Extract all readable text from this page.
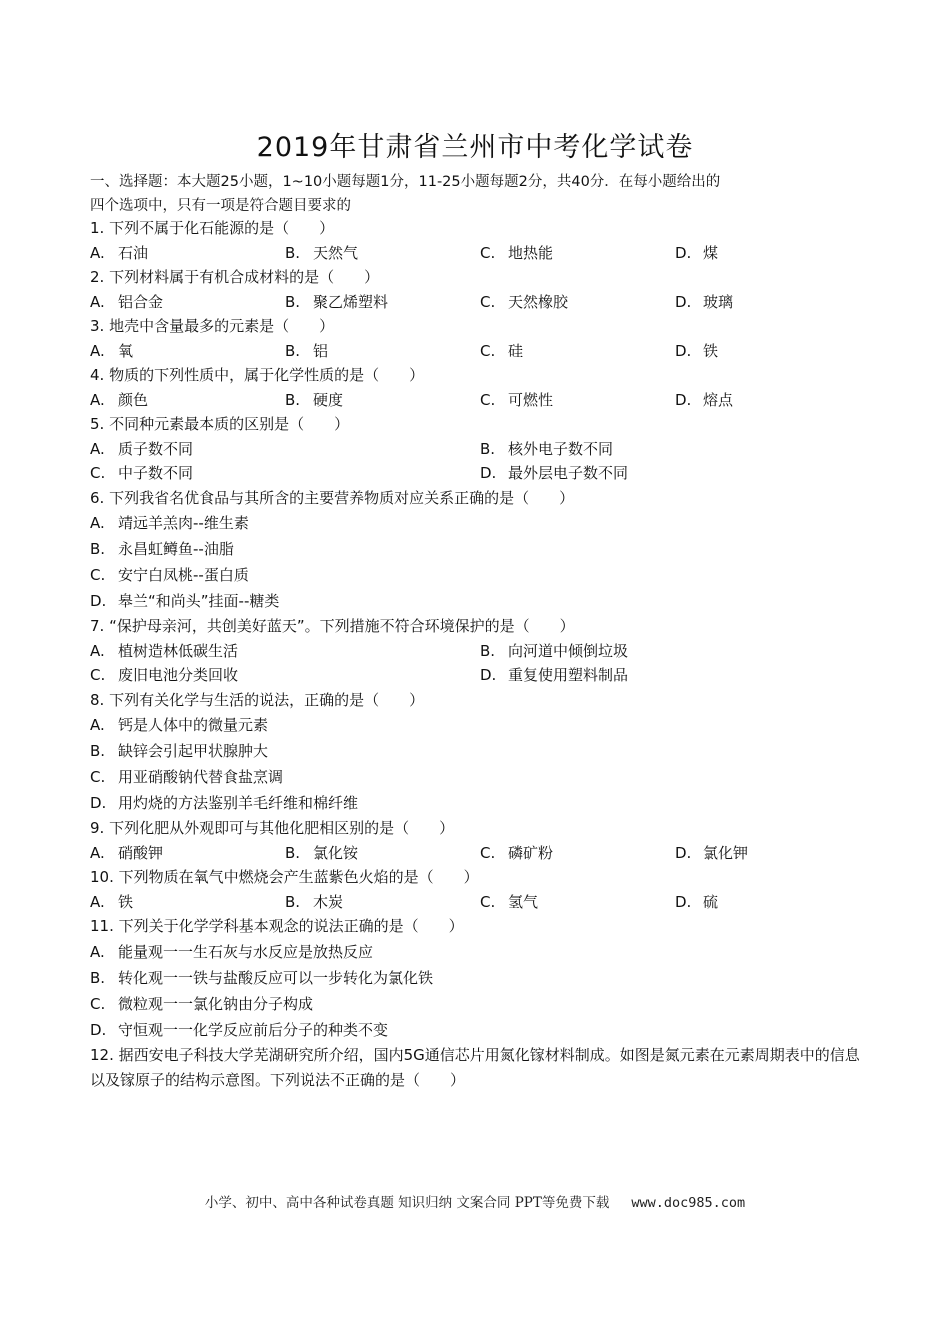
2019年甘肃省兰州市中考化学试卷
一、选择题：本大题25小题，1~10小题每题1分，11-25小题每题2分，共40分．在每小题给出的
四个选项中，只有一项是符合题目要求的
1. 下列不属于化石能源的是（　　）
A. 石油	B. 天然气	C. 地热能	D. 煤
2. 下列材料属于有机合成材料的是（　　）
A. 铝合金	B. 聚乙烯塑料	C. 天然橡胶	D. 玻璃
3. 地壳中含量最多的元素是（　　）
A. 氧	B. 铝	C. 硅	D. 铁
4. 物质的下列性质中，属于化学性质的是（　　）
A. 颜色	B. 硬度	C. 可燃性	D. 熔点
5. 不同种元素最本质的区别是（　　）
A. 质子数不同	B. 核外电子数不同
C. 中子数不同	D. 最外层电子数不同
6. 下列我省名优食品与其所含的主要营养物质对应关系正确的是（　　）
A. 靖远羊羔肉--维生素
B. 永昌虹鳟鱼--油脂
C. 安宁白凤桃--蛋白质
D. 皋兰“和尚头”挂面--糖类
7. “保护母亲河，共创美好蓝天”。下列措施不符合环境保护的是（　　）
A. 植树造林低碳生活	B. 向河道中倾倒垃圾
C. 废旧电池分类回收	D. 重复使用塑料制品
8. 下列有关化学与生活的说法，正确的是（　　）
A. 钙是人体中的微量元素
B. 缺锌会引起甲状腺肿大
C. 用亚硝酸钠代替食盐烹调
D. 用灼烧的方法鉴别羊毛纤维和棉纤维
9. 下列化肥从外观即可与其他化肥相区别的是（　　）
A. 硝酸钾	B. 氯化铵	C. 磷矿粉	D. 氯化钾
10. 下列物质在氧气中燃烧会产生蓝紫色火焰的是（　　）
A. 铁	B. 木炭	C. 氢气	D. 硫
11. 下列关于化学学科基本观念的说法正确的是（　　）
A. 能量观一一生石灰与水反应是放热反应
B. 转化观一一铁与盐酸反应可以一步转化为氯化铁
C. 微粒观一一氯化钠由分子构成
D. 守恒观一一化学反应前后分子的种类不变
12. 据西安电子科技大学芜湖研究所介绍，国内5G通信芯片用氮化镓材料制成。如图是氮元素在元素周期表中的信息以及镓原子的结构示意图。下列说法不正确的是（　　）
小学、初中、高中各种试卷真题 知识归纳 文案合同 PPT等免费下载 www.doc985.com
